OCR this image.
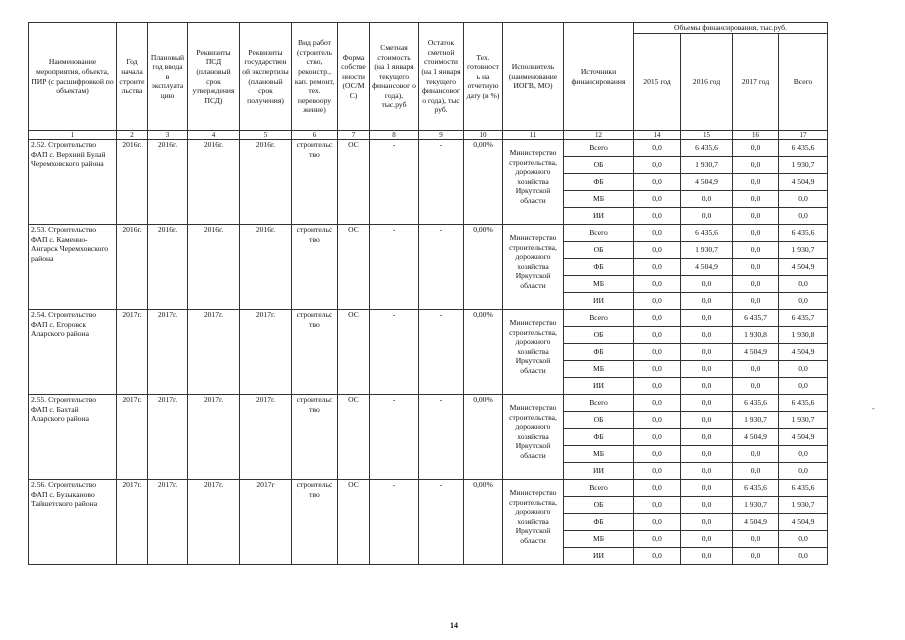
Наименование мероприятия, объекта, ПИР (с расшифровкой по объектам)	Год начала строите льства	Плановый год ввода в эксплуата цию	Реквизиты ПСД (плановый срок утверждения ПСД)	Реквизиты государствен ой экспертизы (плановый срок получения)	Вид работ (строитель ство, реконстр., кап. ремонт, тех. перевоору жение)	Форма собстве нности (ОС/М С)	Сметная стоимость (на 1 января текущего финансовог о года), тыс.руб	Остаток сметной стоимости (на 1 января текущего финансовог о года), тыс руб.	Тех. готовност ь на отчетную дату (в %)	Исполнитель (наименование ИОГВ, МО)	Источники финансирования	Объемы финансирования, тыс.руб.			
												2015 год	2016 год	2017 год	Всего
1	2	3	4	5	6	7	8	9	10	11	12	14	15	16	17
2.52. Строительство ФАП с. Верхний Булай Черемховского района	2016г.	2016г.	2016г.	2016г.	строительс тво	ОС	-	-	0,00%	Министерство строительства, дорожного хозяйства Иркутской области	Всего	0,0	6 435,6	0,0	6 435,6
											ОБ	0,0	1 930,7	0,0	1 930,7
											ФБ	0,0	4 504,9	0,0	4 504,9
											МБ	0,0	0,0	0,0	0,0
											ИИ	0,0	0,0	0,0	0,0
2.53. Строительство ФАП с. Каменно-Ангарск Черемховского района	2016г.	2016г.	2016г.	2016г.	строительс тво	ОС	-	-	0,00%	Министерство строительства, дорожного хозяйства Иркутской области	Всего	0,0	6 435,6	0,0	6 435,6
											ОБ	0,0	1 930,7	0,0	1 930,7
											ФБ	0,0	4 504,9	0,0	4 504,9
											МБ	0,0	0,0	0,0	0,0
											ИИ	0,0	0,0	0,0	0,0
2.54. Строительство ФАП с. Егоровск Аларского района	2017г.	2017г.	2017г.	2017г.	строительс тво	ОС	-	-	0,00%	Министерство строительства, дорожного хозяйства Иркутской области	Всего	0,0	0,0	6 435,7	6 435,7
											ОБ	0,0	0,0	1 930,8	1 930,8
											ФБ	0,0	0,0	4 504,9	4 504,9
											МБ	0,0	0,0	0,0	0,0
											ИИ	0,0	0,0	0,0	0,0
2.55. Строительство ФАП с. Бахтай Аларского района	2017г.	2017г.	2017г.	2017г.	строительс тво	ОС	-	-	0,00%	Министерство строительства, дорожного хозяйства Иркутской области	Всего	0,0	0,0	6 435,6	6 435,6
											ОБ	0,0	0,0	1 930,7	1 930,7
											ФБ	0,0	0,0	4 504,9	4 504,9
											МБ	0,0	0,0	0,0	0,0
											ИИ	0,0	0,0	0,0	0,0
2.56. Строительство ФАП с. Бузыканово Тайшетского района	2017г.	2017г.	2017г.	2017г	строительс тво	ОС	-	-	0,00%	Министерство строительства, дорожного хозяйства Иркутской области	Всего	0,0	0,0	6 435,6	6 435,6
											ОБ	0,0	0,0	1 930,7	1 930,7
											ФБ	0,0	0,0	4 504,9	4 504,9
											МБ	0,0	0,0	0,0	0,0
											ИИ	0,0	0,0	0,0	0,0
14
-
